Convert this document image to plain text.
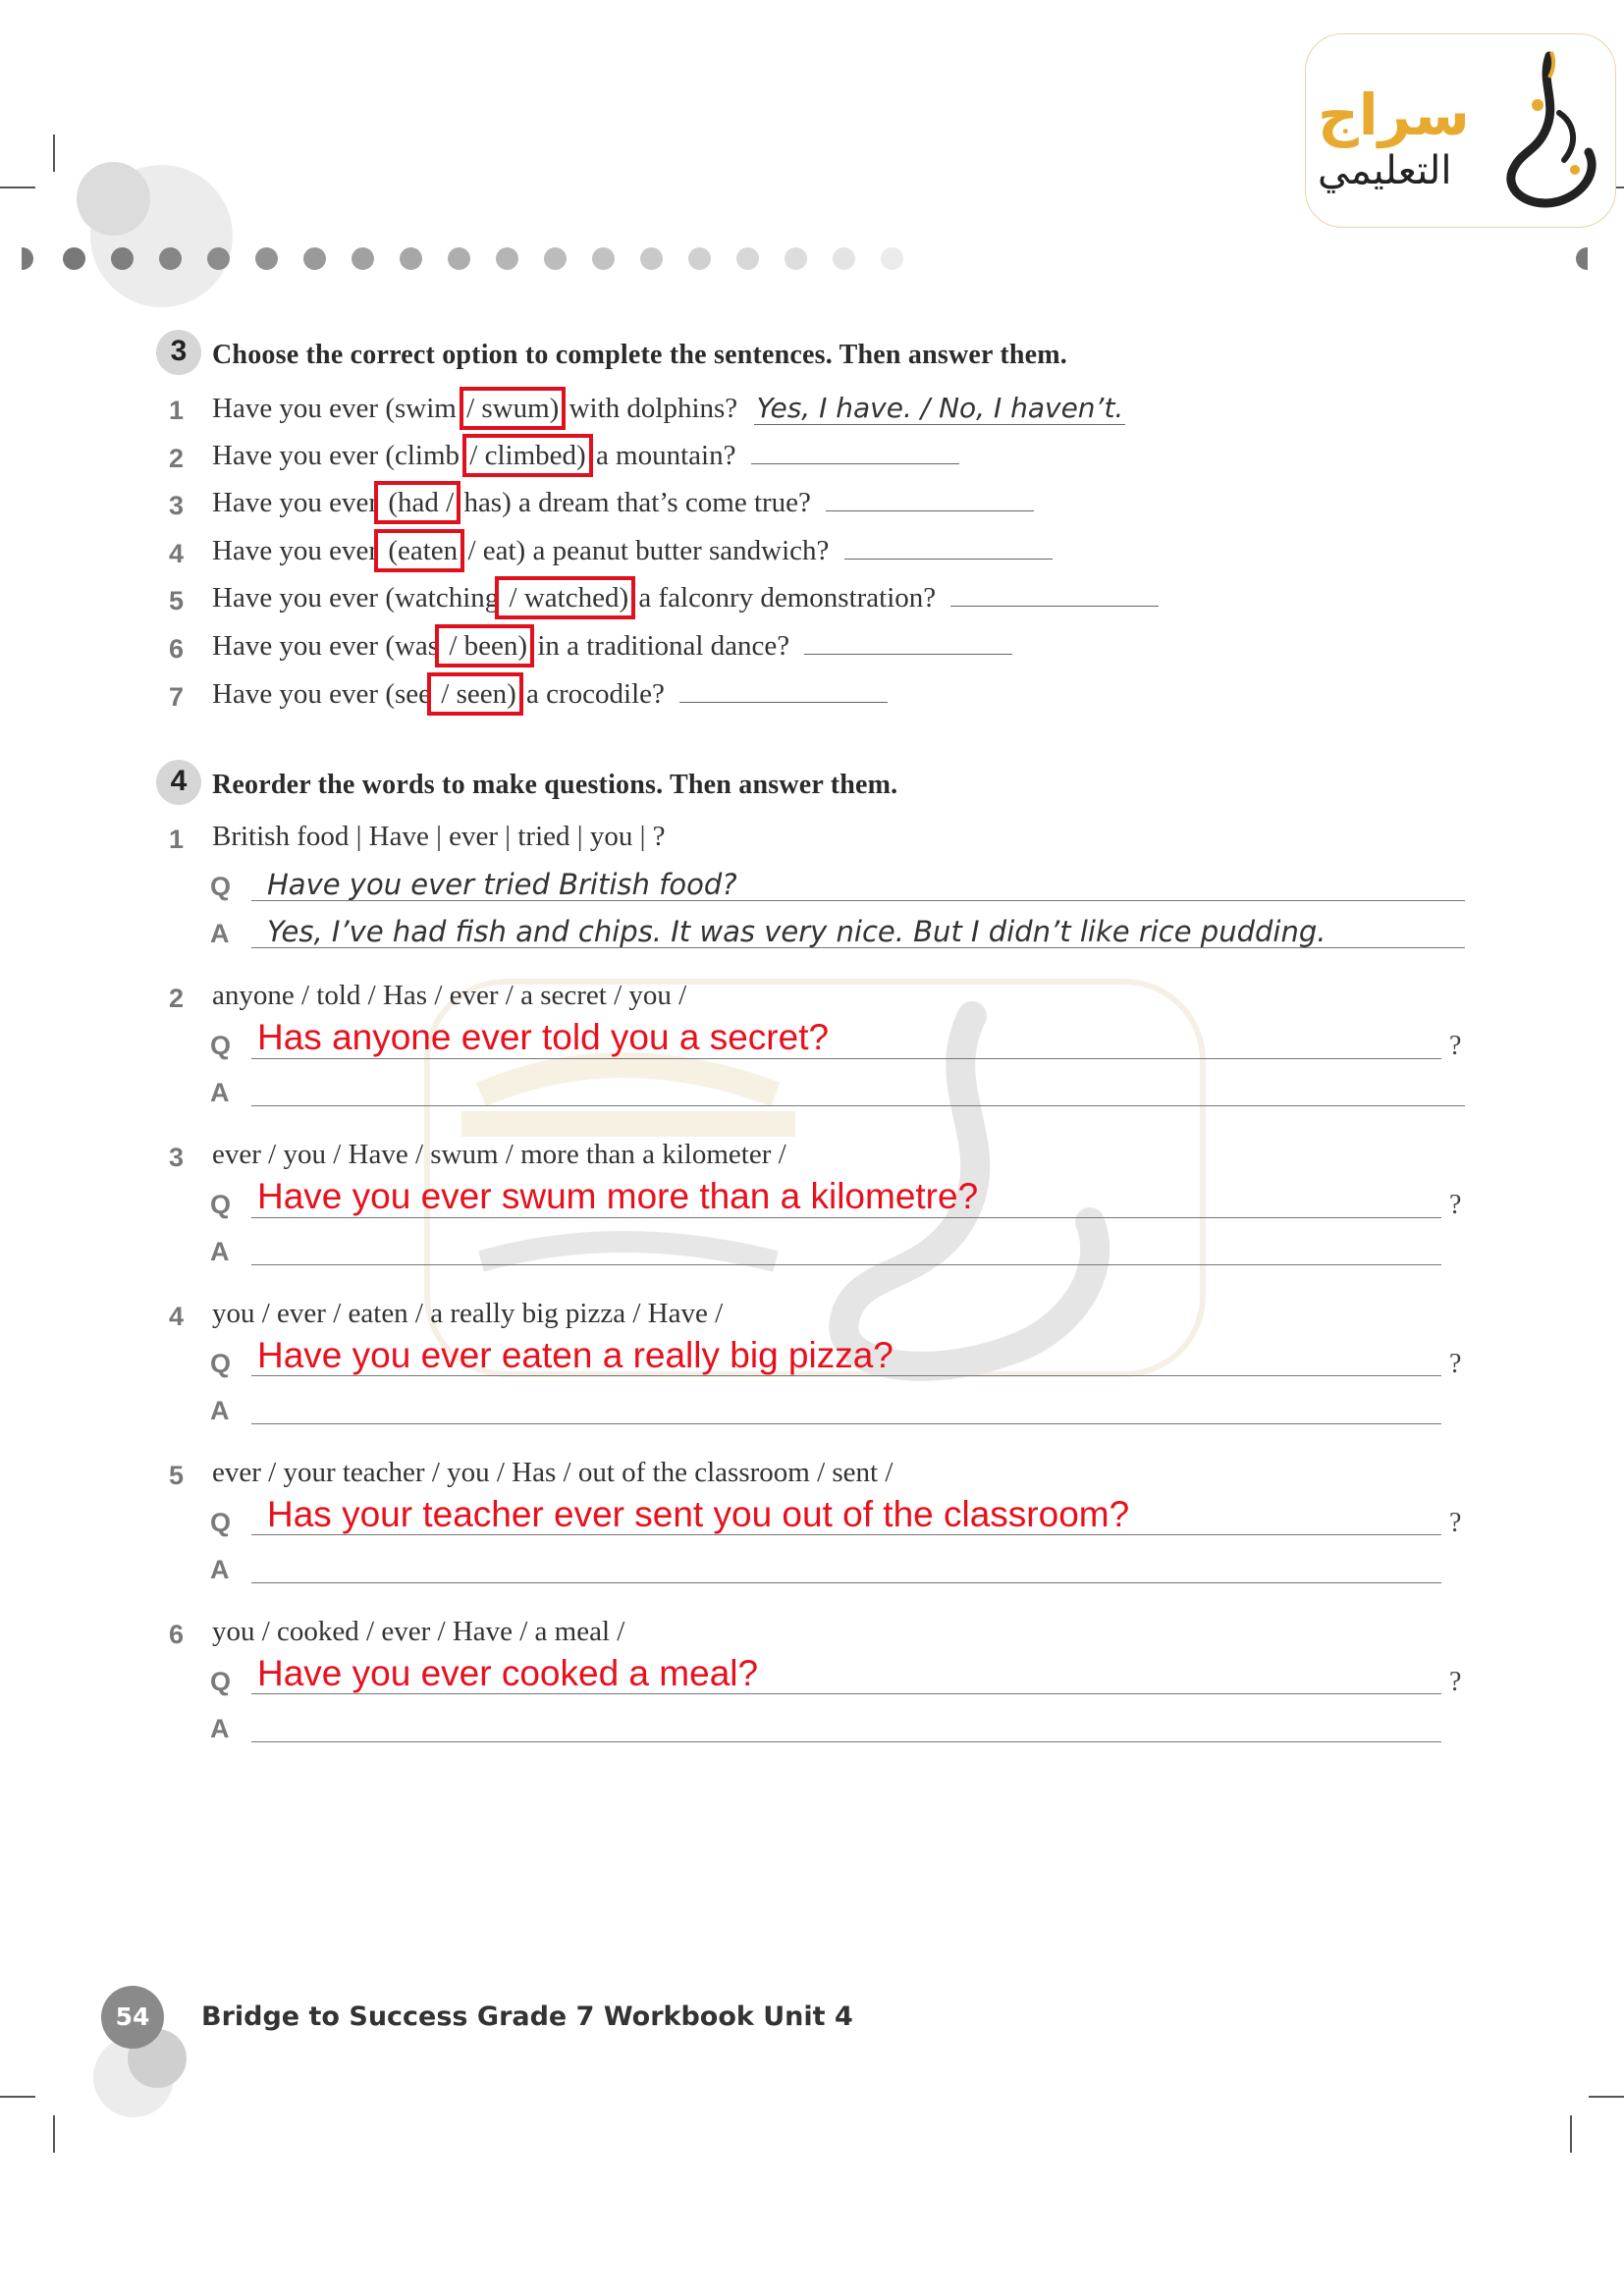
سراج
التعليمي
3 Choose the correct option to complete the sentences. Then answer them.
1 Have you ever (swim / swum) with dolphins? Yes, I have. / No, I haven’t.
2 Have you ever (climb / climbed) a mountain?
3 Have you ever (had / has) a dream that’s come true?
4 Have you ever (eaten / eat) a peanut butter sandwich?
5 Have you ever (watching / watched) a falconry demonstration?
6 Have you ever (was / been) in a traditional dance?
7 Have you ever (see / seen) a crocodile?
4 Reorder the words to make questions. Then answer them.
1 British food | Have | ever | tried | you | ?
Q Have you ever tried British food?
A Yes, I’ve had fish and chips. It was very nice. But I didn’t like rice pudding.
2 anyone / told / Has / ever / a secret / you /
Q Has anyone ever told you a secret?	?
A
3 ever / you / Have / swum / more than a kilometer /
Q Have you ever swum more than a kilometre?	?
A
4 you / ever / eaten / a really big pizza / Have /
Q Have you ever eaten a really big pizza?	?
A
5 ever / your teacher / you / Has / out of the classroom / sent /
Q Has your teacher ever sent you out of the classroom?	?
A
6 you / cooked / ever / Have / a meal /
Q Have you ever cooked a meal?	?
A
54	Bridge to Success Grade 7 Workbook Unit 4
